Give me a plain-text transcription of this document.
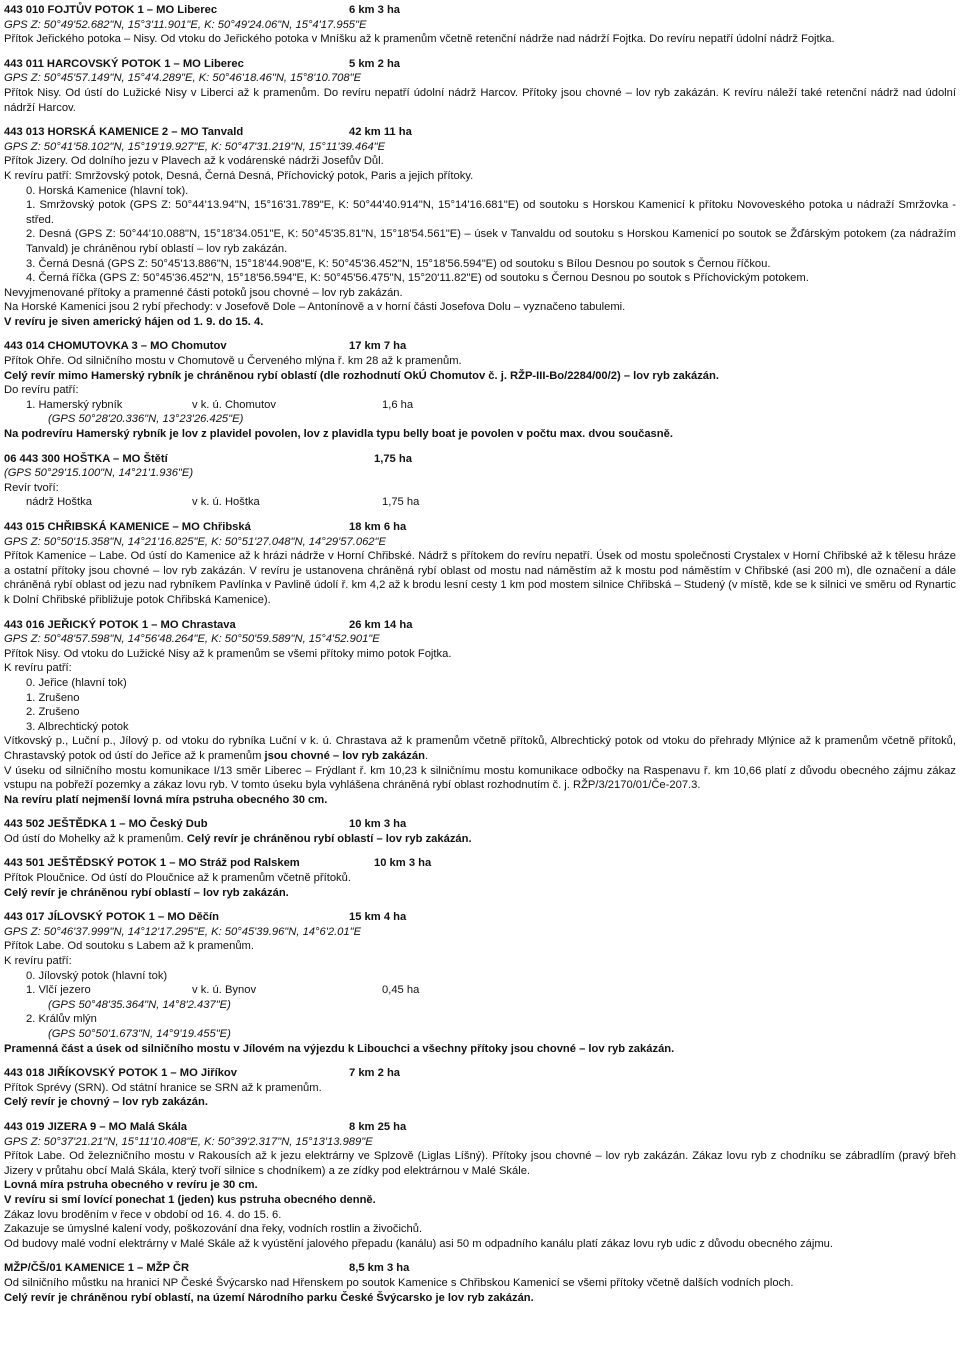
443 010 FOJTŮV POTOK 1 – MO Liberec	6 km 3 ha
GPS Z: 50°49'52.682"N, 15°3'11.901"E, K: 50°49'24.06"N, 15°4'17.955"E
Přítok Jeřického potoka – Nisy. Od vtoku do Jeřického potoka v Mníšku až k pramenům včetně retenční nádrže nad nádrží Fojtka. Do revíru nepatří údolní nádrž Fojtka.
443 011 HARCOVSKÝ POTOK 1 – MO Liberec	5 km 2 ha
GPS Z: 50°45'57.149"N, 15°4'4.289"E, K: 50°46'18.46"N, 15°8'10.708"E
Přítok Nisy. Od ústí do Lužické Nisy v Liberci až k pramenům. Do revíru nepatří údolní nádrž Harcov. Přítoky jsou chovné – lov ryb zakázán. K revíru náleží také retenční nádrž nad údolní nádrží Harcov.
443 013 HORSKÁ KAMENICE 2 – MO Tanvald	42 km 11 ha
GPS Z: 50°41'58.102"N, 15°19'19.927"E, K: 50°47'31.219"N, 15°11'39.464"E
Přítok Jizery. Od dolního jezu v Plavech až k vodárenské nádrži Josefův Důl.
K revíru patří: Smržovský potok, Desná, Černá Desná, Příchovický potok, Paris a jejich přítoky.
0. Horská Kamenice (hlavní tok).
1. Smržovský potok (GPS Z: 50°44'13.94"N, 15°16'31.789"E, K: 50°44'40.914"N, 15°14'16.681"E) od soutoku s Horskou Kamenicí k přítoku Novoveského potoka u nádraží Smržovka - střed.
2. Desná (GPS Z: 50°44'10.088"N, 15°18'34.051"E, K: 50°45'35.81"N, 15°18'54.561"E) – úsek v Tanvaldu od soutoku s Horskou Kamenicí po soutok se Žďárským potokem (za nádražím Tanvald) je chráněnou rybí oblastí – lov ryb zakázán.
3. Černá Desná (GPS Z: 50°45'13.886"N, 15°18'44.908"E, K: 50°45'36.452"N, 15°18'56.594"E) od soutoku s Bílou Desnou po soutok s Černou říčkou.
4. Černá říčka (GPS Z: 50°45'36.452"N, 15°18'56.594"E, K: 50°45'56.475"N, 15°20'11.82"E) od soutoku s Černou Desnou po soutok s Příchovickým potokem.
Nevyjmenované přítoky a pramenné části potoků jsou chovné – lov ryb zakázán.
Na Horské Kamenici jsou 2 rybí přechody: v Josefově Dole – Antonínově a v horní části Josefova Dolu – vyznačeno tabulemi.
V revíru je siven americký hájen od 1. 9. do 15. 4.
443 014 CHOMUTOVKA 3 – MO Chomutov	17 km 7 ha
Přítok Ohře. Od silničního mostu v Chomutově u Červeného mlýna ř. km 28 až k pramenům.
Celý revír mimo Hamerský rybník je chráněnou rybí oblastí (dle rozhodnutí OkÚ Chomutov č. j. RŽP-III-Bo/2284/00/2) – lov ryb zakázán.
Do revíru patří:
1. Hamerský rybník	v k. ú. Chomutov	1,6 ha
(GPS 50°28'20.336"N, 13°23'26.425"E)
Na podrevíru Hamerský rybník je lov z plavidel povolen, lov z plavidla typu belly boat je povolen v počtu max. dvou současně.
06 443 300 HOŠTKA – MO Štětí	1,75 ha
(GPS 50°29'15.100"N, 14°21'1.936"E)
Revír tvoří:
nádrž Hoštka	v k. ú. Hoštka	1,75 ha
443 015 CHŘIBSKÁ KAMENICE – MO Chřibská	18 km 6 ha
GPS Z: 50°50'15.358"N, 14°21'16.825"E, K: 50°51'27.048"N, 14°29'57.062"E
Přítok Kamenice – Labe. Od ústí do Kamenice až k hrázi nádrže v Horní Chřibské. Nádrž s přítokem do revíru nepatří. Úsek od mostu společnosti Crystalex v Horní Chřibské až k tělesu hráze a ostatní přítoky jsou chovné – lov ryb zakázán. V revíru je ustanovena chráněná rybí oblast od mostu nad náměstím až k mostu pod náměstím v Chřibské (asi 200 m), dle označení a dále chráněná rybí oblast od jezu nad rybníkem Pavlínka v Pavlině údolí ř. km 4,2 až k brodu lesní cesty 1 km pod mostem silnice Chřibská – Studený (v místě, kde se k silnici ve směru od Rynartic k Dolní Chřibské přibližuje potok Chřibská Kamenice).
443 016 JEŘICKÝ POTOK 1 – MO Chrastava	26 km 14 ha
GPS Z: 50°48'57.598"N, 14°56'48.264"E, K: 50°50'59.589"N, 15°4'52.901"E
Přítok Nisy. Od vtoku do Lužické Nisy až k pramenům se všemi přítoky mimo potok Fojtka.
K revíru patří:
0. Jeřice (hlavní tok)
1. Zrušeno
2. Zrušeno
3. Albrechtický potok
Vítkovský p., Luční p., Jílový p. od vtoku do rybníka Luční v k. ú. Chrastava až k pramenům včetně přítoků, Albrechtický potok od vtoku do přehrady Mlýnice až k pramenům včetně přítoků, Chrastavský potok od ústí do Jeřice až k pramenům jsou chovné – lov ryb zakázán.
V úseku od silničního mostu komunikace I/13 směr Liberec – Frýdlant ř. km 10,23 k silničnímu mostu komunikace odbočky na Raspenavu ř. km 10,66 platí z důvodu obecného zájmu zákaz vstupu na pobřeží pozemky a zákaz lovu ryb. V tomto úseku byla vyhlášena chráněná rybí oblast rozhodnutím č. j. RŽP/3/2170/01/Če-207.3.
Na revíru platí nejmenší lovná míra pstruha obecného 30 cm.
443 502 JEŠTĚDKA 1 – MO Český Dub	10 km 3 ha
Od ústí do Mohelky až k pramenům. Celý revír je chráněnou rybí oblastí – lov ryb zakázán.
443 501 JEŠTĚDSKÝ POTOK 1 – MO Stráž pod Ralskem	10 km 3 ha
Přítok Ploučnice. Od ústí do Ploučnice až k pramenům včetně přítoků.
Celý revír je chráněnou rybí oblastí – lov ryb zakázán.
443 017 JÍLOVSKÝ POTOK 1 – MO Děčín	15 km 4 ha
GPS Z: 50°46'37.999"N, 14°12'17.295"E, K: 50°45'39.96"N, 14°6'2.01"E
Přítok Labe. Od soutoku s Labem až k pramenům.
K revíru patří:
0. Jílovský potok (hlavní tok)
1. Vlčí jezero	v k. ú. Bynov	0,45 ha
(GPS 50°48'35.364"N, 14°8'2.437"E)
2. Králův mlýn
(GPS 50°50'1.673"N, 14°9'19.455"E)
Pramenná část a úsek od silničního mostu v Jílovém na výjezdu k Libouchci a všechny přítoky jsou chovné – lov ryb zakázán.
443 018 JIŘÍKOVSKÝ POTOK 1 – MO Jiříkov	7 km 2 ha
Přítok Sprévy (SRN). Od státní hranice se SRN až k pramenům.
Celý revír je chovný – lov ryb zakázán.
443 019 JIZERA 9 – MO Malá Skála	8 km 25 ha
GPS Z: 50°37'21.21"N, 15°11'10.408"E, K: 50°39'2.317"N, 15°13'13.989"E
Přítok Labe. Od železničního mostu v Rakousích až k jezu elektrárny ve Splzově (Liglas Líšný). Přítoky jsou chovné – lov ryb zakázán. Zákaz lovu ryb z chodníku se zábradlím (pravý břeh Jizery v průtahu obcí Malá Skála, který tvoří silnice s chodníkem) a ze zídky pod elektrárnou v Malé Skále.
Lovná míra pstruha obecného v revíru je 30 cm.
V revíru si smí lovící ponechat 1 (jeden) kus pstruha obecného denně.
Zákaz lovu broděním v řece v období od 16. 4. do 15. 6.
Zakazuje se úmyslné kalení vody, poškozování dna řeky, vodních rostlin a živočichů.
Od budovy malé vodní elektrárny v Malé Skále až k vyústění jalového přepadu (kanálu) asi 50 m odpadního kanálu platí zákaz lovu ryb udic z důvodu obecného zájmu.
MŽP/ČŠ/01 KAMENICE 1 – MŽP ČR	8,5 km 3 ha
Od silničního můstku na hranici NP České Švýcarsko nad Hřenskem po soutok Kamenice s Chřibskou Kamenicí se všemi přítoky včetně dalších vodních ploch.
Celý revír je chráněnou rybí oblastí, na území Národního parku České Švýcarsko je lov ryb zakázán.
